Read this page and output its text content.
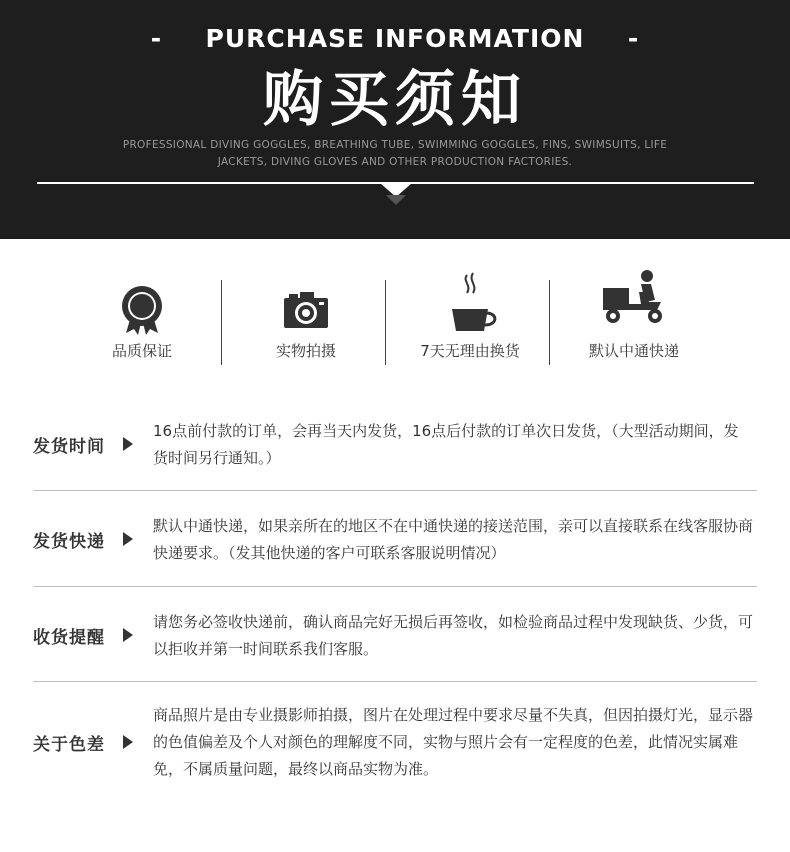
- PURCHASE INFORMATION -
购买须知
PROFESSIONAL DIVING GOGGLES, BREATHING TUBE, SWIMMING GOGGLES, FINS, SWIMSUITS, LIFE JACKETS, DIVING GLOVES AND OTHER PRODUCTION FACTORIES.
品质保证	实物拍摄	7天无理由换货	默认中通快递
发货时间
16点前付款的订单，会再当天内发货，16点后付款的订单次日发货，（大型活动期间，发货时间另行通知。）
发货快递
默认中通快递，如果亲所在的地区不在中通快递的接送范围，亲可以直接联系在线客服协商快递要求。（发其他快递的客户可联系客服说明情况）
收货提醒
请您务必签收快递前，确认商品完好无损后再签收，如检验商品过程中发现缺货、少货，可以拒收并第一时间联系我们客服。
关于色差
商品照片是由专业摄影师拍摄，图片在处理过程中要求尽量不失真，但因拍摄灯光，显示器的色值偏差及个人对颜色的理解度不同，实物与照片会有一定程度的色差，此情况实属难免，不属质量问题，最终以商品实物为准。
